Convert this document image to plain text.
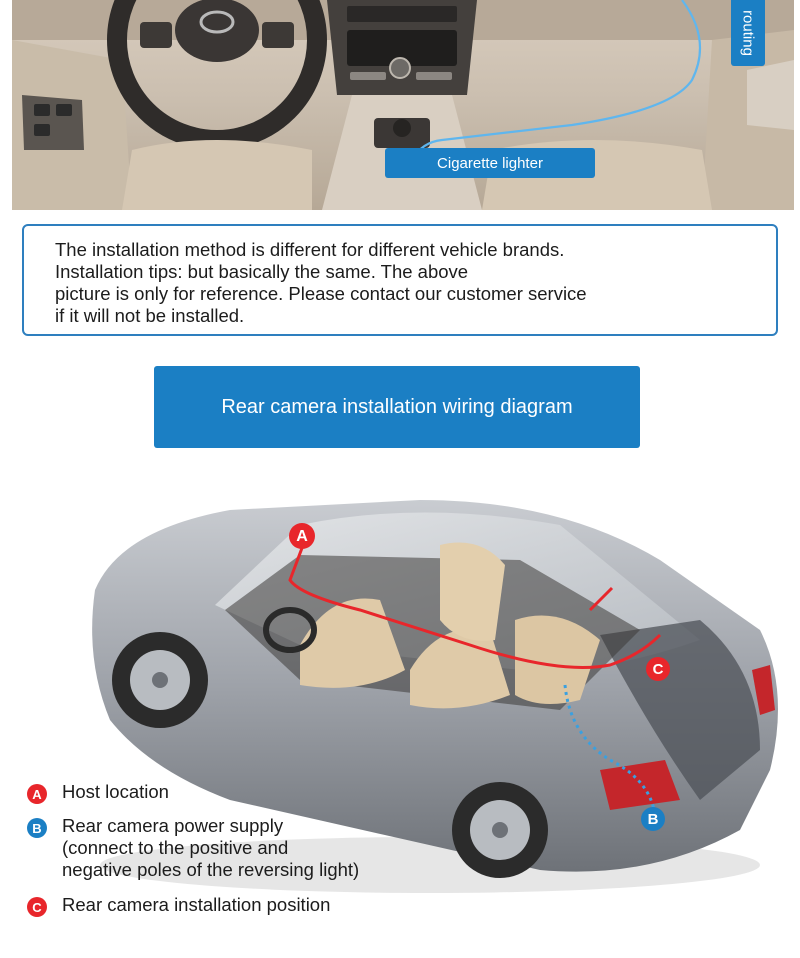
Cigarette lighter
routing
The installation method is different for different vehicle brands.
Installation tips: but basically the same. The above
picture is only for reference. Please contact our customer service
if it will not be installed.
Rear camera installation wiring diagram
A
C
B
A Host location
B Rear camera power supply
(connect to the positive and
negative poles of the reversing light)
C Rear camera installation position
